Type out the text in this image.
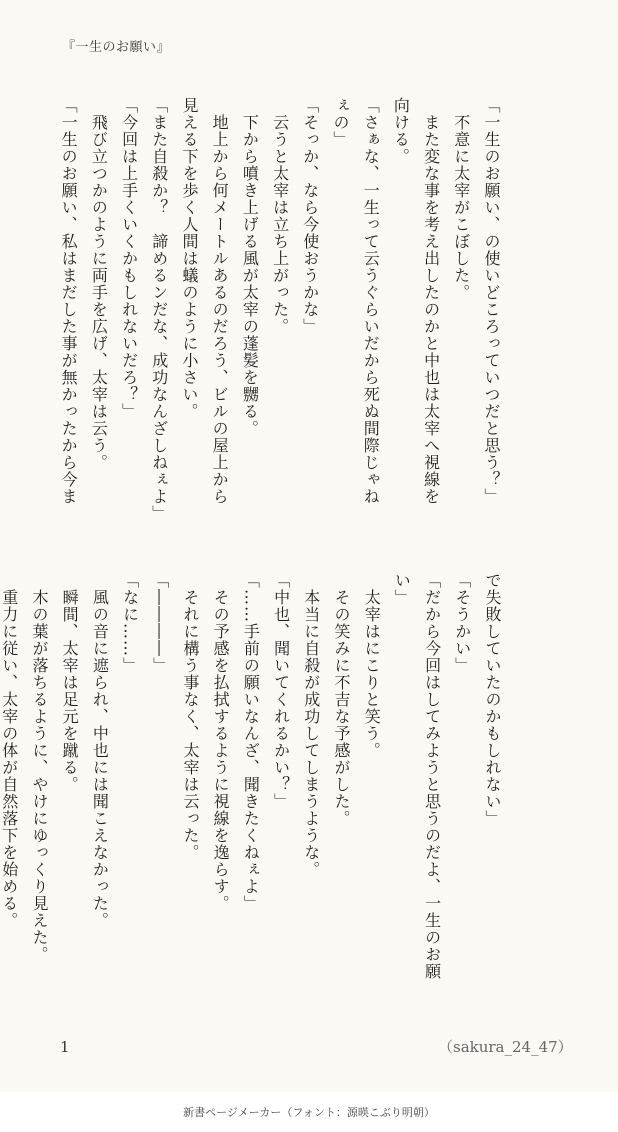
『一生のお願い』
「一生のお願い、の使いどころっていつだと思う？」
　不意に太宰がこぼした。
　また変な事を考え出したのかと中也は太宰へ視線を
向ける。
「さぁな、一生って云うぐらいだから死ぬ間際じゃね
ぇの」
「そっか、なら今使おうかな」
　云うと太宰は立ち上がった。
　下から噴き上げる風が太宰の蓬髪を嬲る。
　地上から何メートルあるのだろう、ビルの屋上から
見える下を歩く人間は蟻のように小さい。
「また自殺か？　諦めるンだな、成功なんざしねぇよ」
「今回は上手くいくかもしれないだろ？」
　飛び立つかのように両手を広げ、太宰は云う。
「一生のお願い、私はまだした事が無かったから今ま
で失敗していたのかもしれない」
「そうかい」
「だから今回はしてみようと思うのだよ、一生のお願
い」
　太宰はにこりと笑う。
　その笑みに不吉な予感がした。
　本当に自殺が成功してしまうような。
「中也、聞いてくれるかい？」
「……手前の願いなんざ、聞きたくねぇよ」
　その予感を払拭するように視線を逸らす。
　それに構う事なく、太宰は云った。
「――――」
「なに……」
　風の音に遮られ、中也には聞こえなかった。
　瞬間、太宰は足元を蹴る。
　木の葉が落ちるように、やけにゆっくり見えた。
　重力に従い、太宰の体が自然落下を始める。
1	（sakura_24_47）
新書ページメーカー（フォント：源暎こぶり明朝）
